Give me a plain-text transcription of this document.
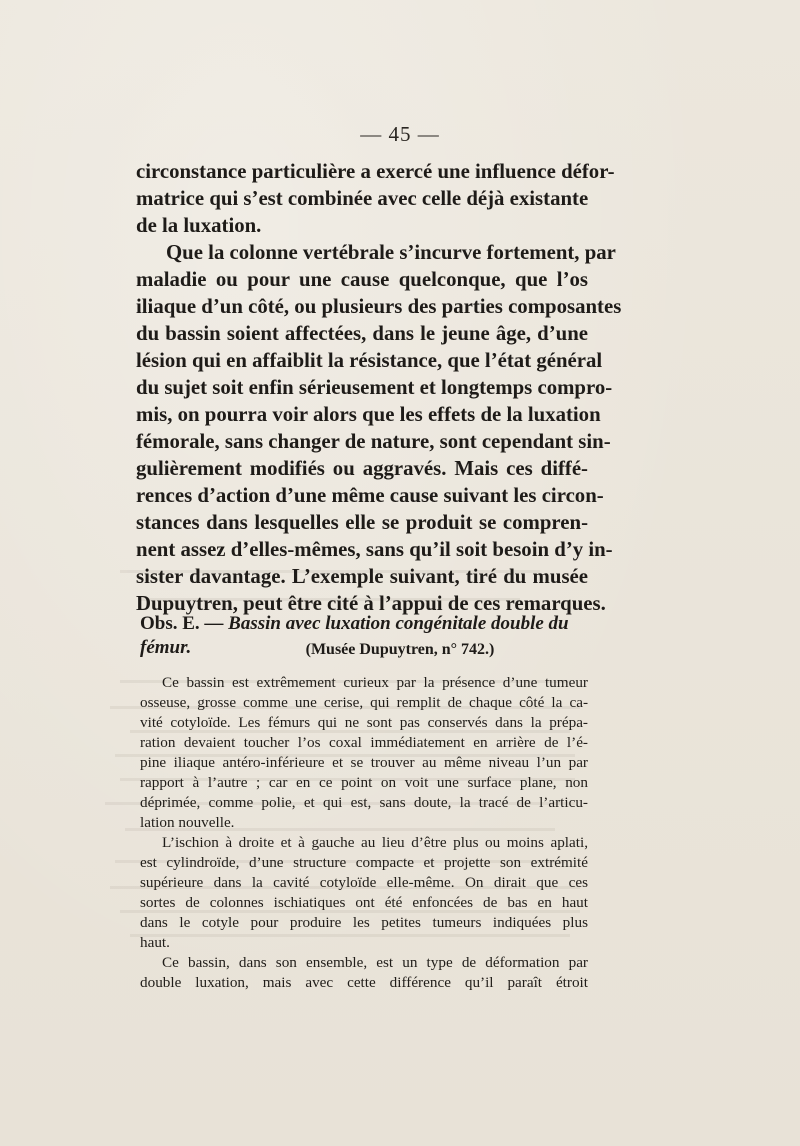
— 45 —

circonstance particulière a exercé une influence défor-
matrice qui s’est combinée avec celle déjà existante
de la luxation.

Que la colonne vertébrale s’incurve fortement, par
maladie ou pour une cause quelconque, que l’os
iliaque d’un côté, ou plusieurs des parties composantes
du bassin soient affectées, dans le jeune âge, d’une
lésion qui en affaiblit la résistance, que l’état général
du sujet soit enfin sérieusement et longtemps compro-
mis, on pourra voir alors que les effets de la luxation
fémorale, sans changer de nature, sont cependant sin-
gulièrement modifiés ou aggravés. Mais ces diffé-
rences d’action d’une même cause suivant les circon-
stances dans lesquelles elle se produit se compren-
nent assez d’elles-mêmes, sans qu’il soit besoin d’y in-
sister davantage. L’exemple suivant, tiré du musée
Dupuytren, peut être cité à l’appui de ces remarques.

Obs. E. — Bassin avec luxation congénitale double du fémur.	(Musée Dupuytren, n° 742.)

Ce bassin est extrêmement curieux par la présence d’une tumeur
osseuse, grosse comme une cerise, qui remplit de chaque côté la ca-
vité cotyloïde. Les fémurs qui ne sont pas conservés dans la prépa-
ration devaient toucher l’os coxal immédiatement en arrière de l’é-
pine iliaque antéro-inférieure et se trouver au même niveau l’un par
rapport à l’autre ; car en ce point on voit une surface plane, non
déprimée, comme polie, et qui est, sans doute, la tracé de l’articu-
lation nouvelle.

L’ischion à droite et à gauche au lieu d’être plus ou moins aplati,
est cylindroïde, d’une structure compacte et projette son extrémité
supérieure dans la cavité cotyloïde elle-même. On dirait que ces
sortes de colonnes ischiatiques ont été enfoncées de bas en haut
dans le cotyle pour produire les petites tumeurs indiquées plus
haut.

Ce bassin, dans son ensemble, est un type de déformation par
double luxation, mais avec cette différence qu’il paraît étroit
